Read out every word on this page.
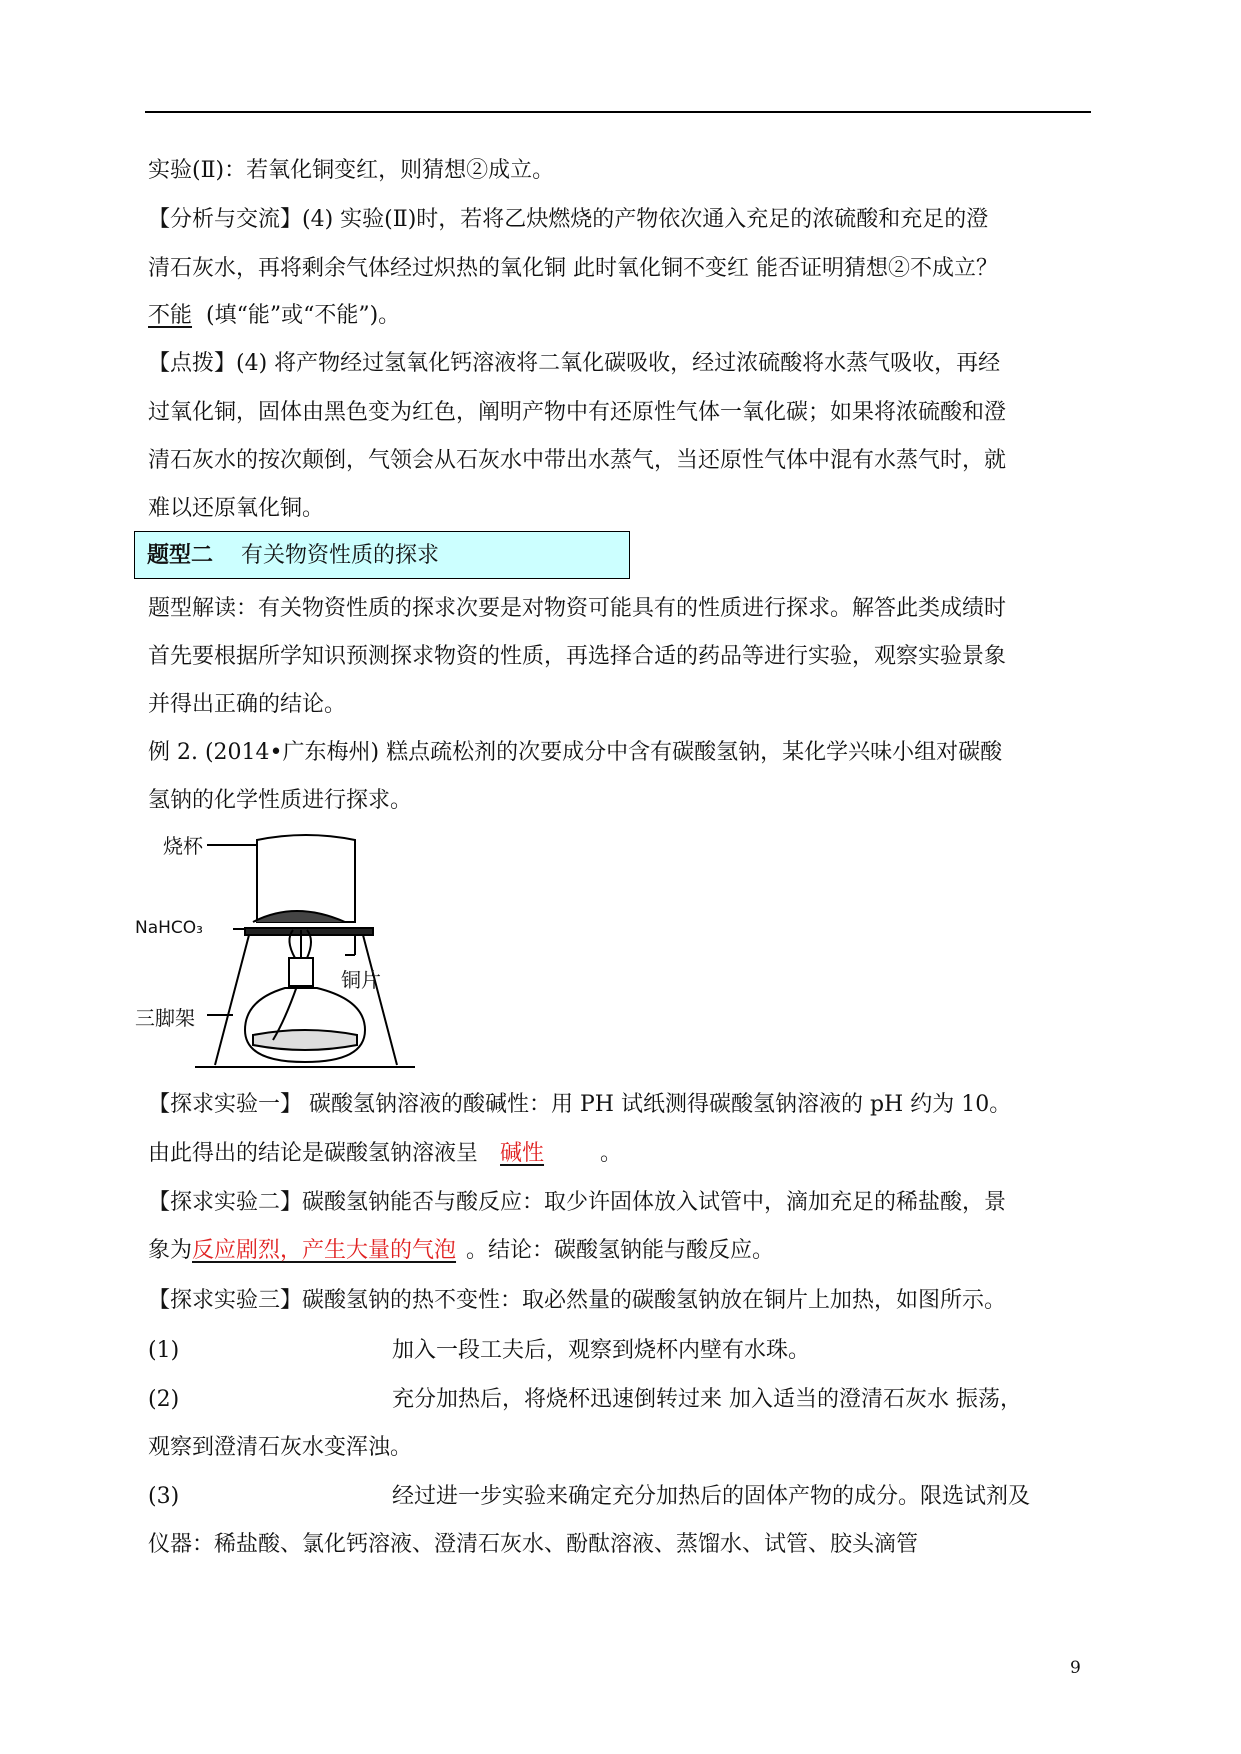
实验(Ⅱ)：若氧化铜变红，则猜想②成立。
【分析与交流】(4) 实验(Ⅱ)时，若将乙炔燃烧的产物依次通入充足的浓硫酸和充足的澄
清石灰水，再将剩余气体经过炽热的氧化铜 此时氧化铜不变红 能否证明猜想②不成立？
不能 (填“能”或“不能”)。
【点拨】(4) 将产物经过氢氧化钙溶液将二氧化碳吸收，经过浓硫酸将水蒸气吸收，再经
过氧化铜，固体由黑色变为红色，阐明产物中有还原性气体一氧化碳；如果将浓硫酸和澄
清石灰水的按次颠倒，气领会从石灰水中带出水蒸气，当还原性气体中混有水蒸气时，就
难以还原氧化铜。
题型二 有关物资性质的探求
题型解读：有关物资性质的探求次要是对物资可能具有的性质进行探求。解答此类成绩时
首先要根据所学知识预测探求物资的性质，再选择合适的药品等进行实验，观察实验景象
并得出正确的结论。
例 2. (2014•广东梅州) 糕点疏松剂的次要成分中含有碳酸氢钠，某化学兴味小组对碳酸
氢钠的化学性质进行探求。
烧杯
NaHCO₃
铜片
三脚架
【探求实验一】 碳酸氢钠溶液的酸碱性：用 PH 试纸测得碳酸氢钠溶液的 pH 约为 10。
由此得出的结论是碳酸氢钠溶液呈 碱性	。
【探求实验二】碳酸氢钠能否与酸反应：取少许固体放入试管中，滴加充足的稀盐酸，景
象为反应剧烈，产生大量的气泡 。结论：碳酸氢钠能与酸反应。
【探求实验三】碳酸氢钠的热不变性：取必然量的碳酸氢钠放在铜片上加热，如图所示。
(1)	加入一段工夫后，观察到烧杯内壁有水珠。
(2)	充分加热后，将烧杯迅速倒转过来 加入适当的澄清石灰水 振荡，
观察到澄清石灰水变浑浊。
(3)	经过进一步实验来确定充分加热后的固体产物的成分。限选试剂及
仪器：稀盐酸、氯化钙溶液、澄清石灰水、酚酞溶液、蒸馏水、试管、胶头滴管
9
